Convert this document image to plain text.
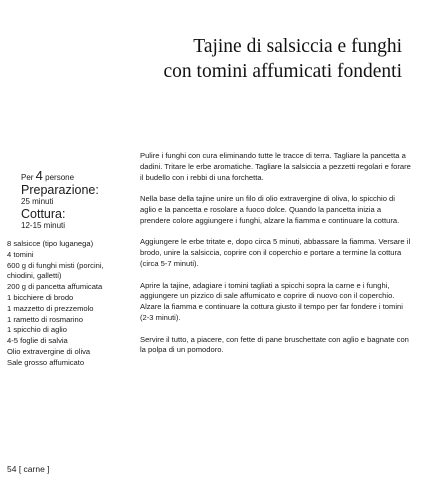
Tajine di salsiccia e funghi
con tomini affumicati fondenti
Per 4 persone
Preparazione:
25 minuti
Cottura:
12-15 minuti
8 salsicce (tipo luganega)
4 tomini
600 g di funghi misti (porcini,
chiodini, galletti)
200 g di pancetta affumicata
1 bicchiere di brodo
1 mazzetto di prezzemolo
1 rametto di rosmarino
1 spicchio di aglio
4-5 foglie di salvia
Olio extravergine di oliva
Sale grosso affumicato

Pulire i funghi con cura eliminando tutte le tracce di terra. Tagliare la pancetta a dadini. Tritare le erbe aromatiche. Tagliare la salsiccia a pezzetti regolari e forare il budello con i rebbi di una forchetta.

Nella base della tajine unire un filo di olio extravergine di oliva, lo spicchio di aglio e la pancetta e rosolare a fuoco dolce. Quando la pancetta inizia a prendere colore aggiungere i funghi, alzare la fiamma e continuare la cottura.

Aggiungere le erbe tritate e, dopo circa 5 minuti, abbassare la fiamma. Versare il brodo, unire la salsiccia, coprire con il coperchio e portare a termine la cottura (circa 5-7 minuti).

Aprire la tajine, adagiare i tomini tagliati a spicchi sopra la carne e i funghi, aggiungere un pizzico di sale affumicato e coprire di nuovo con il coperchio. Alzare la fiamma e continuare la cottura giusto il tempo per far fondere i tomini (2-3 minuti).

Servire il tutto, a piacere, con fette di pane bruschettate con aglio e bagnate con la polpa di un pomodoro.

54 [ carne ]
